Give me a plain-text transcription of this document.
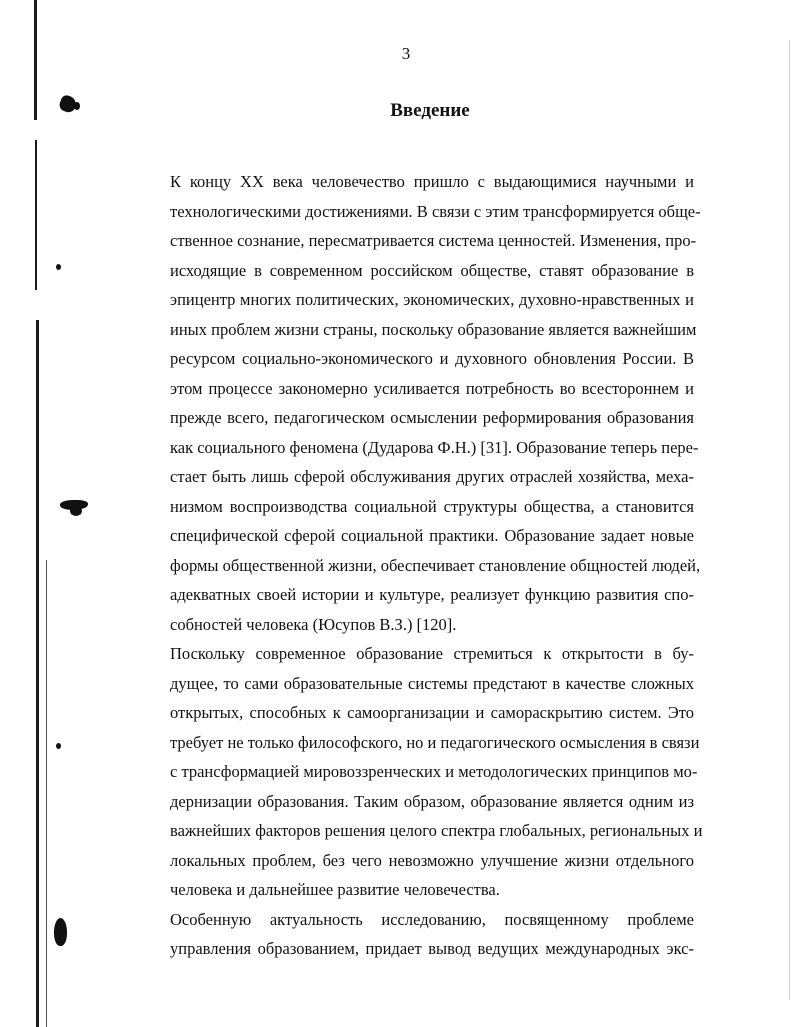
3
Введение
К концу XX века человечество пришло с выдающимися научными и
технологическими достижениями. В связи с этим трансформируется обще-
ственное сознание, пересматривается система ценностей. Изменения, про-
исходящие в современном российском обществе, ставят образование в
эпицентр многих политических, экономических, духовно-нравственных и
иных проблем жизни страны, поскольку образование является важнейшим
ресурсом социально-экономического и духовного обновления России. В
этом процессе закономерно усиливается потребность во всестороннем и
прежде всего, педагогическом осмыслении реформирования образования
как социального феномена (Дударова Ф.Н.) [31]. Образование теперь пере-
стает быть лишь сферой обслуживания других отраслей хозяйства, меха-
низмом воспроизводства социальной структуры общества, а становится
специфической сферой социальной практики. Образование задает новые
формы общественной жизни, обеспечивает становление общностей людей,
адекватных своей истории и культуре, реализует функцию развития спо-
собностей человека (Юсупов В.З.) [120].
Поскольку современное образование стремиться к открытости в бу-
дущее, то сами образовательные системы предстают в качестве сложных
открытых, способных к самоорганизации и самораскрытию систем. Это
требует не только философского, но и педагогического осмысления в связи
с трансформацией мировоззренческих и методологических принципов мо-
дернизации образования. Таким образом, образование является одним из
важнейших факторов решения целого спектра глобальных, региональных и
локальных проблем, без чего невозможно улучшение жизни отдельного
человека и дальнейшее развитие человечества.
Особенную актуальность исследованию, посвященному проблеме
управления образованием, придает вывод ведущих международных экс-
